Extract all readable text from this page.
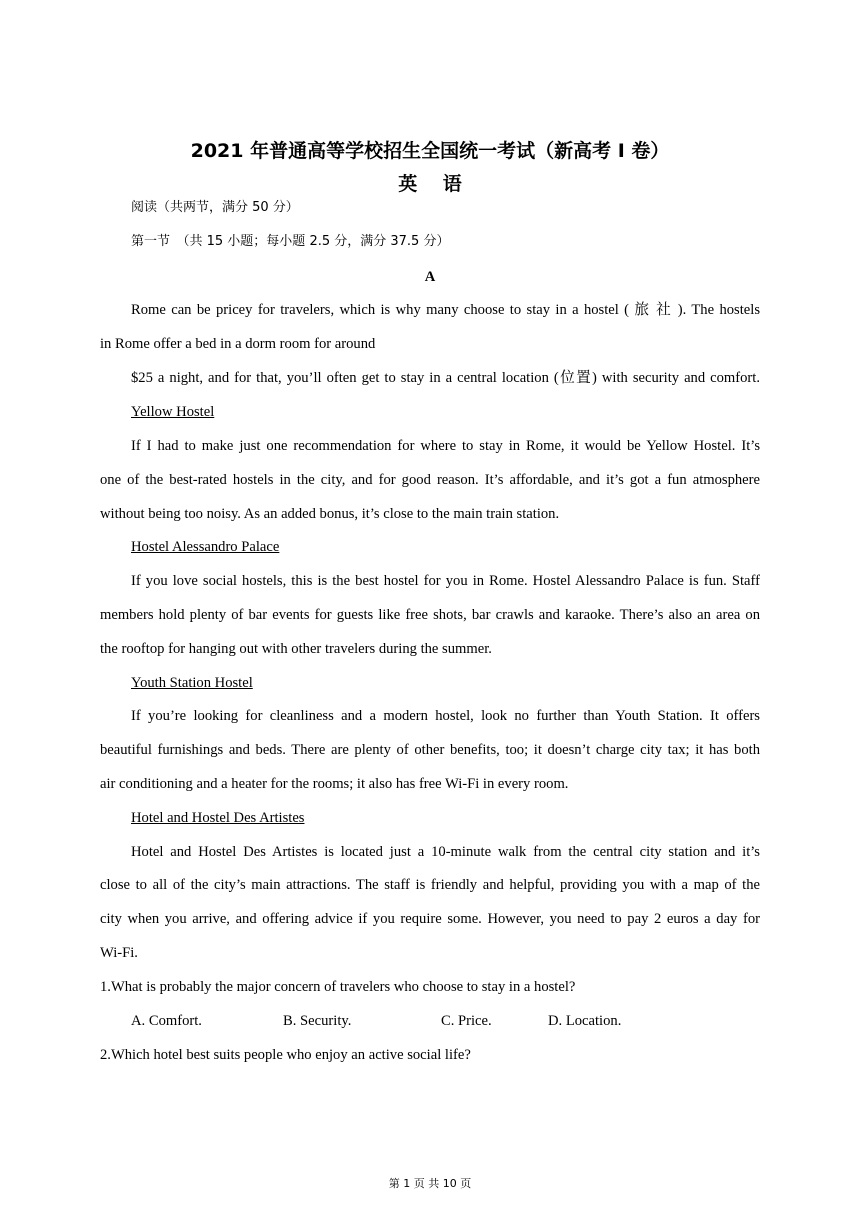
2021 年普通高等学校招生全国统一考试（新高考 I 卷）
英　 语
阅读（共两节，满分 50 分）
第一节　（共 15 小题；每小题 2.5 分，满分 37.5 分）
A
Rome can be pricey for travelers, which is why many choose to stay in a hostel ( 旅 社 ). The hostels
in Rome offer a bed in a dorm room for around
$25 a night, and for that, you’ll often get to stay in a central location (位置) with security and comfort.
Yellow Hostel
If I had to make just one recommendation for where to stay in Rome, it would be Yellow Hostel. It’s
one of the best-rated hostels in the city, and for good reason. It’s affordable, and it’s got a fun atmosphere
without being too noisy. As an added bonus, it’s close to the main train station.
Hostel Alessandro Palace
If you love social hostels, this is the best hostel for you in Rome. Hostel Alessandro Palace is fun. Staff
members hold plenty of bar events for guests like free shots, bar crawls and karaoke. There’s also an area on
the rooftop for hanging out with other travelers during the summer.
Youth Station Hostel
If you’re looking for cleanliness and a modern hostel, look no further than Youth Station. It offers
beautiful furnishings and beds. There are plenty of other benefits, too; it doesn’t charge city tax; it has both
air conditioning and a heater for the rooms; it also has free Wi-Fi in every room.
Hotel and Hostel Des Artistes
Hotel and Hostel Des Artistes is located just a 10-minute walk from the central city station and it’s
close to all of the city’s main attractions. The staff is friendly and helpful, providing you with a map of the
city when you arrive, and offering advice if you require some. However, you need to pay 2 euros a day for
Wi-Fi.
1.What is probably the major concern of travelers who choose to stay in a hostel?
A. Comfort.	B. Security.	C. Price.	D. Location.
2.Which hotel best suits people who enjoy an active social life?
第 1 页 共 10 页
